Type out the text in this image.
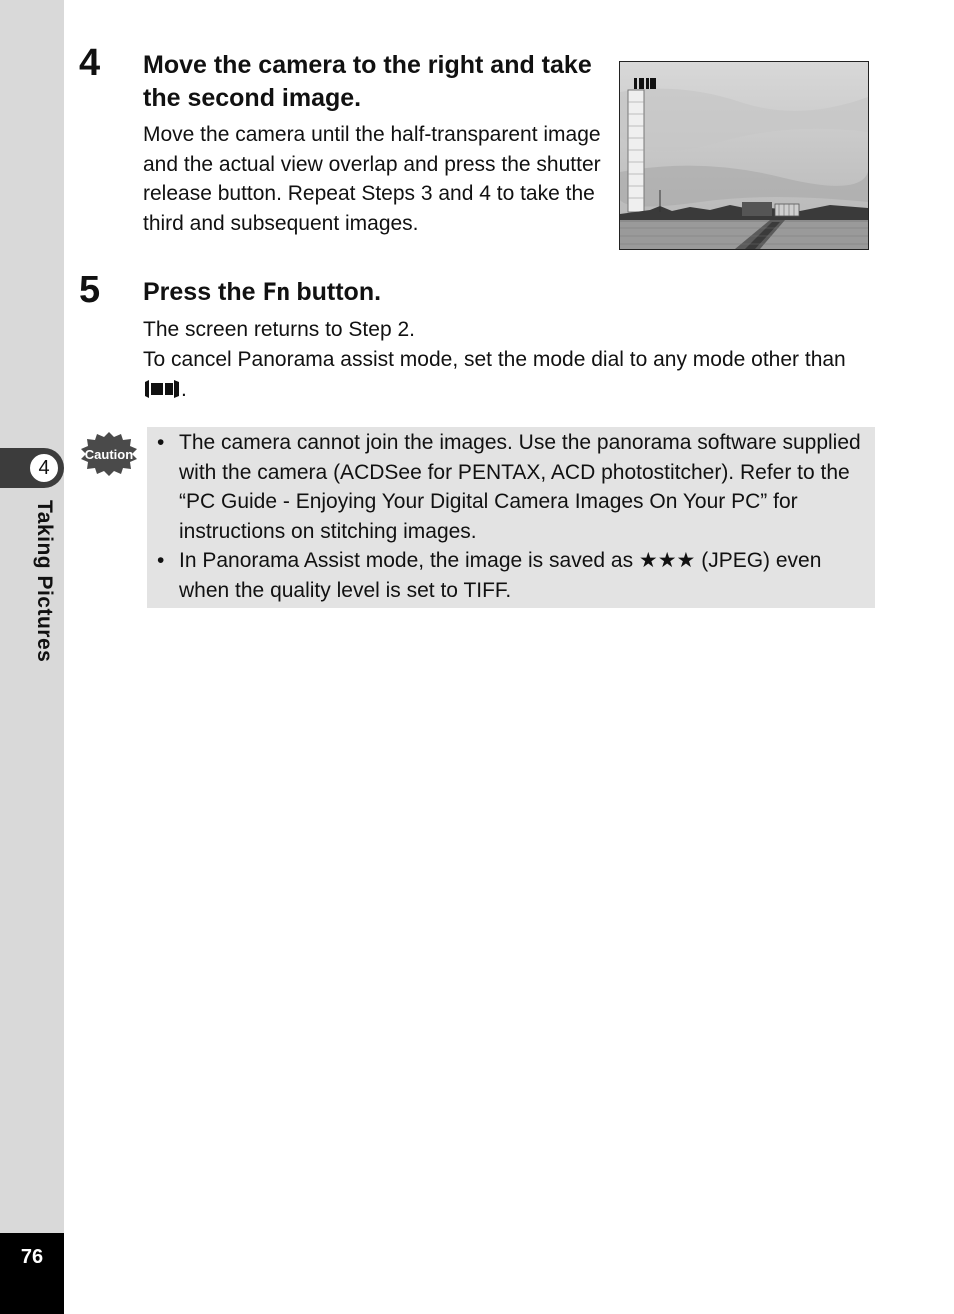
4
Taking Pictures
76
4 Move the camera to the right and take the second image.

Move the camera until the half-transparent image and the actual view overlap and press the shutter release button. Repeat Steps 3 and 4 to take the third and subsequent images.

5 Press the Fn button.

The screen returns to Step 2.

To cancel Panorama assist mode, set the mode dial to any mode other than .

Caution
• The camera cannot join the images. Use the panorama software supplied with the camera (ACDSee for PENTAX, ACD photostitcher). Refer to the “PC Guide - Enjoying Your Digital Camera Images On Your PC” for instructions on stitching images.
• In Panorama Assist mode, the image is saved as ★★★ (JPEG) even when the quality level is set to TIFF.
